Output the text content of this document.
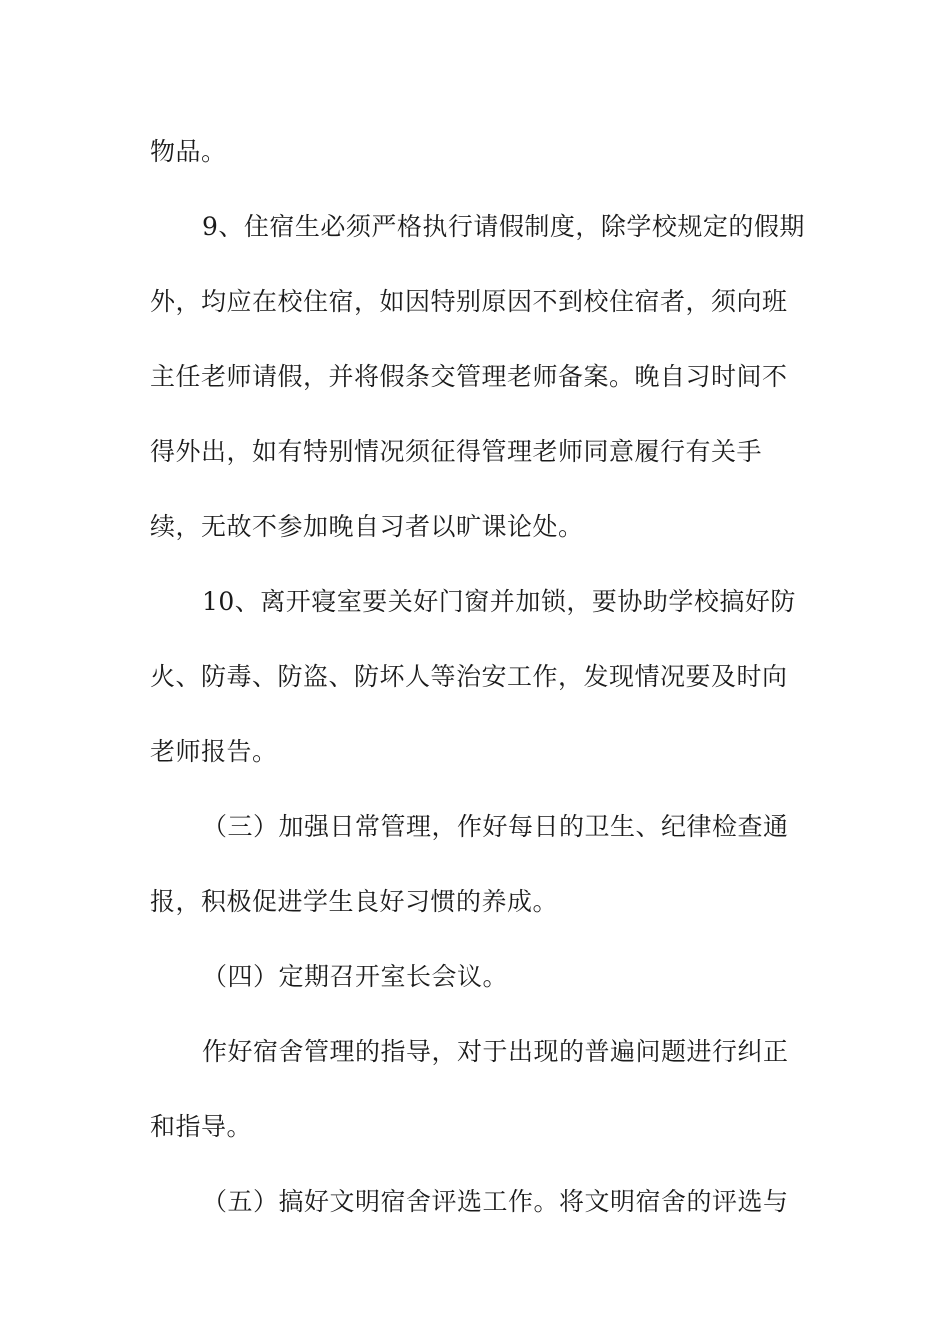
物品。
9、住宿生必须严格执行请假制度，除学校规定的假期
外，均应在校住宿，如因特别原因不到校住宿者，须向班
主任老师请假，并将假条交管理老师备案。晚自习时间不
得外出，如有特别情况须征得管理老师同意履行有关手
续，无故不参加晚自习者以旷课论处。
10、离开寝室要关好门窗并加锁，要协助学校搞好防
火、防毒、防盗、防坏人等治安工作，发现情况要及时向
老师报告。
（三）加强日常管理，作好每日的卫生、纪律检查通
报，积极促进学生良好习惯的养成。
（四）定期召开室长会议。
作好宿舍管理的指导，对于出现的普遍问题进行纠正
和指导。
（五）搞好文明宿舍评选工作。将文明宿舍的评选与
